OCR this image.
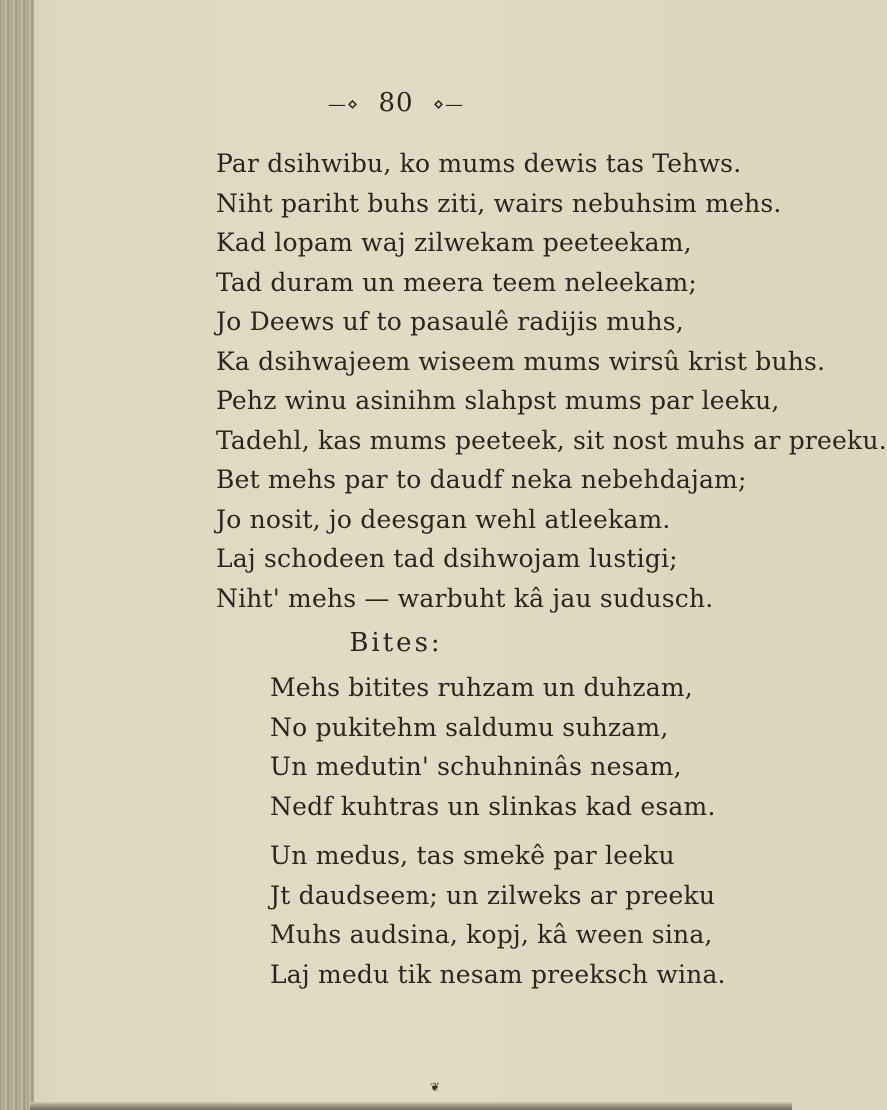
—⋄ 80 ⋄—
Par dsihwibu, ko mums dewis tas Tehws.
Niht pariht buhs ziti, wairs nebuhsim mehs.
Kad lopam waj zilwekam peeteekam,
Tad duram un meera teem neleekam;
Jo Deews uf to pasaulê radijis muhs,
Ka dsihwajeem wiseem mums wirsû krist buhs.
Pehz winu asinihm slahpst mums par leeku,
Tadehl, kas mums peeteek, sit nost muhs ar preeku.
Bet mehs par to daudf neka nebehdajam;
Jo nosit, jo deesgan wehl atleekam.
Laj schodeen tad dsihwojam lustigi;
Niht' mehs — warbuht kâ jau sudusch.
Bites:
Mehs bitites ruhzam un duhzam,
No pukitehm saldumu suhzam,
Un medutin' schuhninâs nesam,
Nedf kuhtras un slinkas kad esam.
Un medus, tas smekê par leeku
Jt daudseem; un zilweks ar preeku
Muhs audsina, kopj, kâ ween sina,
Laj medu tik nesam preeksch wina.
❦
